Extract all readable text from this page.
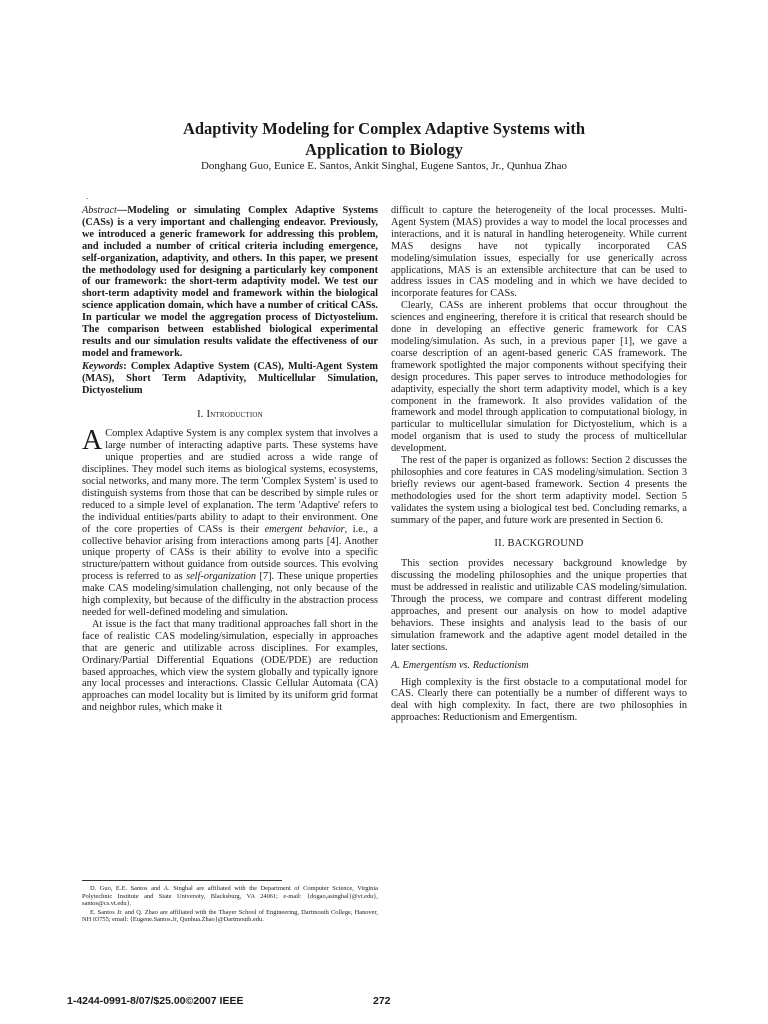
Adaptivity Modeling for Complex Adaptive Systems with
Application to Biology
Donghang Guo, Eunice E. Santos, Ankit Singhal, Eugene Santos, Jr., Qunhua Zhao
.

Abstract—Modeling or simulating Complex Adaptive Systems (CASs) is a very important and challenging endeavor. Previously, we introduced a generic framework for addressing this problem, and included a number of critical criteria including emergence, self-organization, adaptivity, and others. In this paper, we present the methodology used for designing a particularly key component of our framework: the short-term adaptivity model. We test our short-term adaptivity model and framework within the biological science application domain, which have a number of critical CASs. In particular we model the aggregation process of Dictyostelium. The comparison between established biological experimental results and our simulation results validate the effectiveness of our model and framework.

Keywords: Complex Adaptive System (CAS), Multi-Agent System (MAS), Short Term Adaptivity, Multicellular Simulation, Dictyostelium

I. Introduction

A Complex Adaptive System is any complex system that involves a large number of interacting adaptive parts. These systems have unique properties and are studied across a wide range of disciplines. They model such items as biological systems, ecosystems, social networks, and many more. The term 'Complex System' is used to distinguish systems from those that can be described by simple rules or reduced to a simple level of explanation. The term 'Adaptive' refers to the individual entities/parts ability to adapt to their environment. One of the core properties of CASs is their emergent behavior, i.e., a collective behavior arising from interactions among parts [4]. Another unique property of CASs is their ability to evolve into a specific structure/pattern without guidance from outside sources. This evolving process is referred to as self-organization [7]. These unique properties make CAS modeling/simulation challenging, not only because of the high complexity, but because of the difficulty in the abstraction process needed for well-defined modeling and simulation.

At issue is the fact that many traditional approaches fall short in the face of realistic CAS modeling/simulation, especially in approaches that are generic and utilizable across disciplines. For examples, Ordinary/Partial Differential Equations (ODE/PDE) are reduction based approaches, which view the system globally and typically ignore any local processes and interactions. Classic Cellular Automata (CA) approaches can model locality but is limited by its uniform grid format and neighbor rules, which make it

difficult to capture the heterogeneity of the local processes. Multi-Agent System (MAS) provides a way to model the local processes and interactions, and it is natural in handling heterogeneity. While current MAS designs have not typically incorporated CAS modeling/simulation issues, especially for use generically across applications, MAS is an extensible architecture that can be used to address issues in CAS modeling and in which we have decided to incorporate features for CASs.

Clearly, CASs are inherent problems that occur throughout the sciences and engineering, therefore it is critical that research should be done in developing an effective generic framework for CAS modeling/simulation. As such, in a previous paper [1], we gave a coarse description of an agent-based generic CAS framework. The framework spotlighted the major components without specifying their design procedures. This paper serves to introduce methodologies for adaptivity, especially the short term adaptivity model, which is a key component in the framework. It also provides validation of the framework and model through application to computational biology, in particular to multicellular simulation for Dictyostelium, which is a model organism that is used to study the process of multicellular development.

The rest of the paper is organized as follows: Section 2 discusses the philosophies and core features in CAS modeling/simulation. Section 3 briefly reviews our agent-based framework. Section 4 presents the methodologies used for the short term adaptivity model. Section 5 validates the system using a biological test bed. Concluding remarks, a summary of the paper, and future work are presented in Section 6.

II. BACKGROUND

This section provides necessary background knowledge by discussing the modeling philosophies and the unique properties that must be addressed in realistic and utilizable CAS modeling/simulation. Through the process, we compare and contrast different modeling approaches, and present our analysis on how to model adaptive behaviors. These insights and analysis lead to the basis of our simulation framework and the adaptive agent model detailed in the later sections.

A. Emergentism vs. Reductionism

High complexity is the first obstacle to a computational model for CAS. Clearly there can potentially be a number of different ways to deal with high complexity. In fact, there are two philosophies in approaches: Reductionism and Emergentism.

D. Guo, E.E. Santos and A. Singhal are affiliated with the Department of Computer Science, Virginia Polytechnic Institute and State University, Blacksburg, VA 24061; e-mail: {dogao,asinghal}@vt.edu}, santos@cs.vt.edu}.

E. Santos Jr. and Q. Zhao are affiliated with the Thayer School of Engineering, Dartmouth College, Hanover, NH 03755; email: {Eugene.Santos.Jr, Qunhua.Zhao}@Dartmouth.edu.

1-4244-0991-8/07/$25.00©2007 IEEE	272
